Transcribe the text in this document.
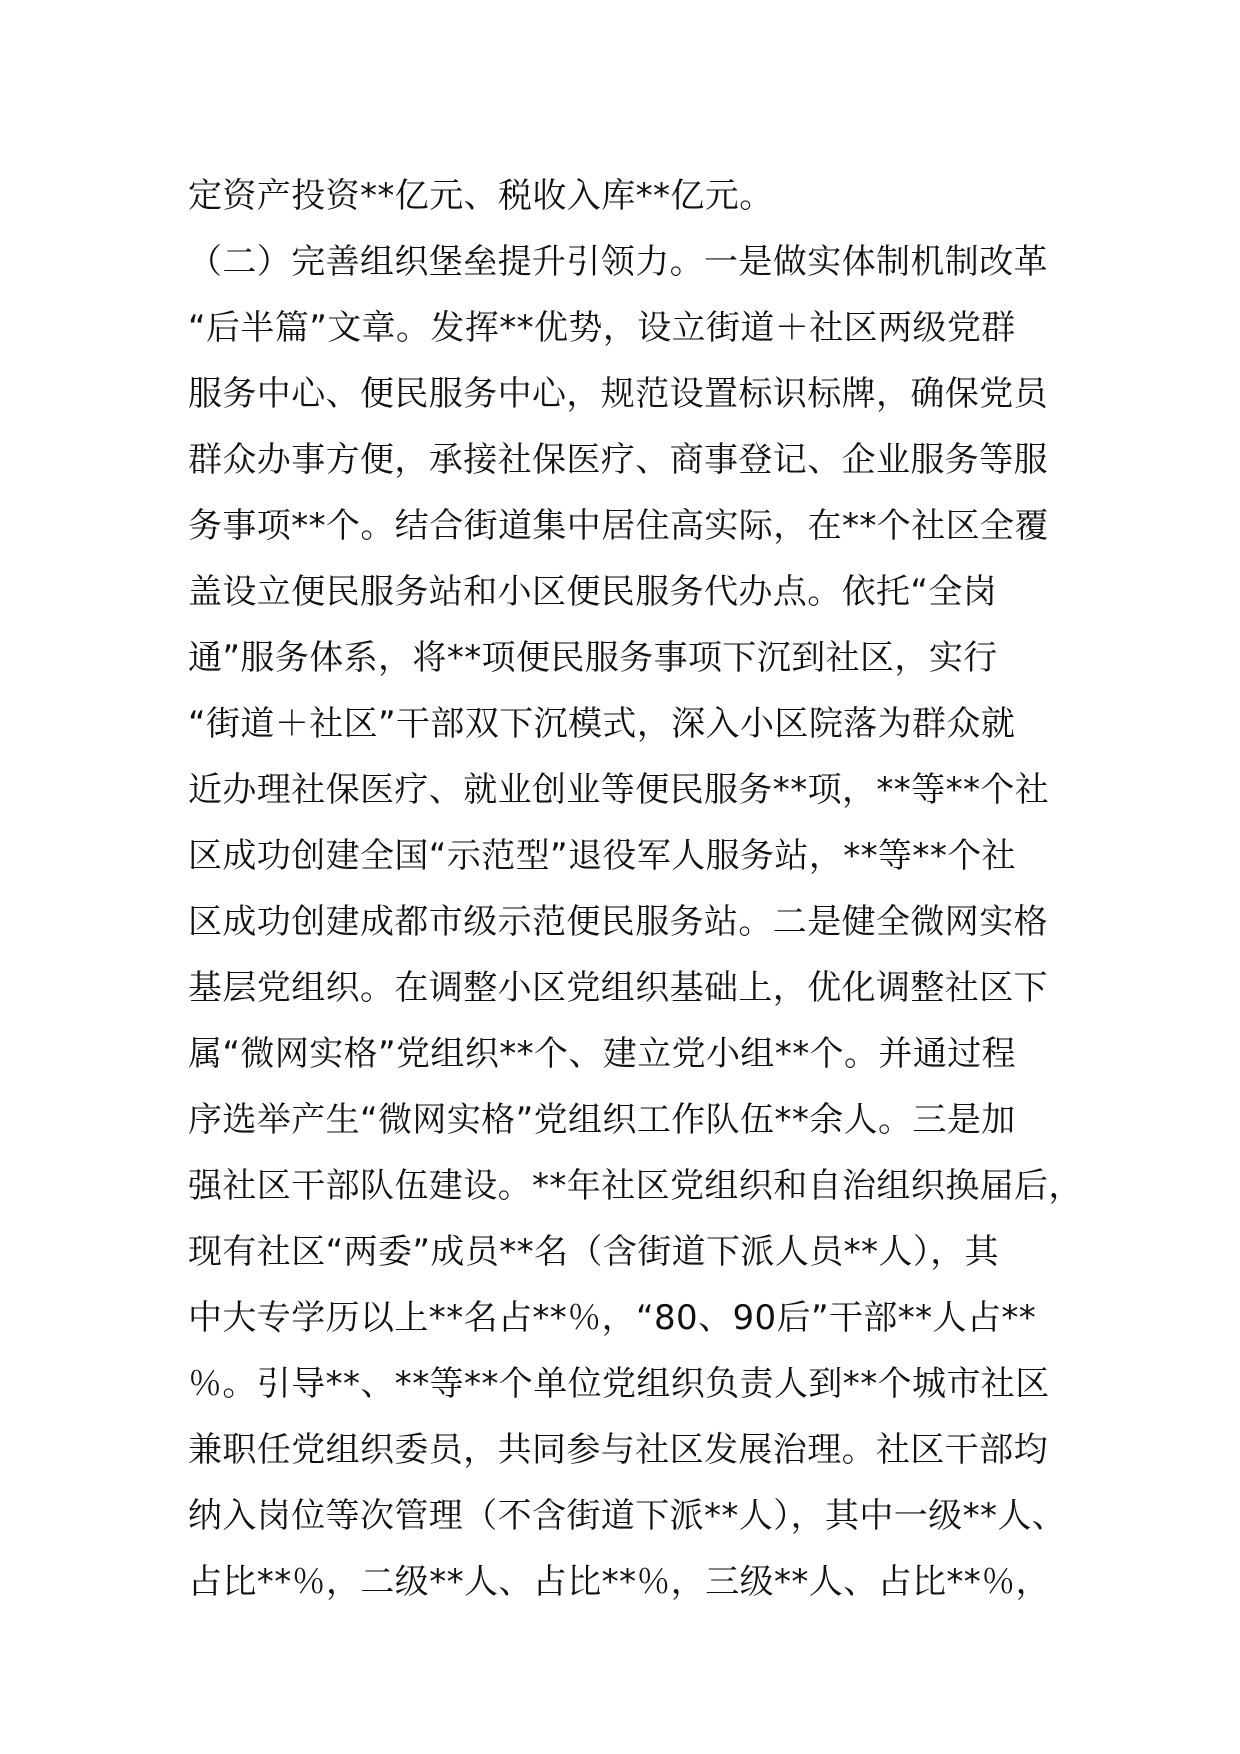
定资产投资**亿元、税收入库**亿元。
（二）完善组织堡垒提升引领力。一是做实体制机制改革
“后半篇”文章。发挥**优势，设立街道＋社区两级党群
服务中心、便民服务中心，规范设置标识标牌，确保党员
群众办事方便，承接社保医疗、商事登记、企业服务等服
务事项**个。结合街道集中居住高实际，在**个社区全覆
盖设立便民服务站和小区便民服务代办点。依托“全岗
通”服务体系，将**项便民服务事项下沉到社区，实行
“街道＋社区”干部双下沉模式，深入小区院落为群众就
近办理社保医疗、就业创业等便民服务**项，**等**个社
区成功创建全国“示范型”退役军人服务站，**等**个社
区成功创建成都市级示范便民服务站。二是健全微网实格
基层党组织。在调整小区党组织基础上，优化调整社区下
属“微网实格”党组织**个、建立党小组**个。并通过程
序选举产生“微网实格”党组织工作队伍**余人。三是加
强社区干部队伍建设。**年社区党组织和自治组织换届后，
现有社区“两委”成员**名（含街道下派人员**人），其
中大专学历以上**名占**％，“80、90后”干部**人占**
％。引导**、**等**个单位党组织负责人到**个城市社区
兼职任党组织委员，共同参与社区发展治理。社区干部均
纳入岗位等次管理（不含街道下派**人），其中一级**人、
占比**％，二级**人、占比**％，三级**人、占比**％，
